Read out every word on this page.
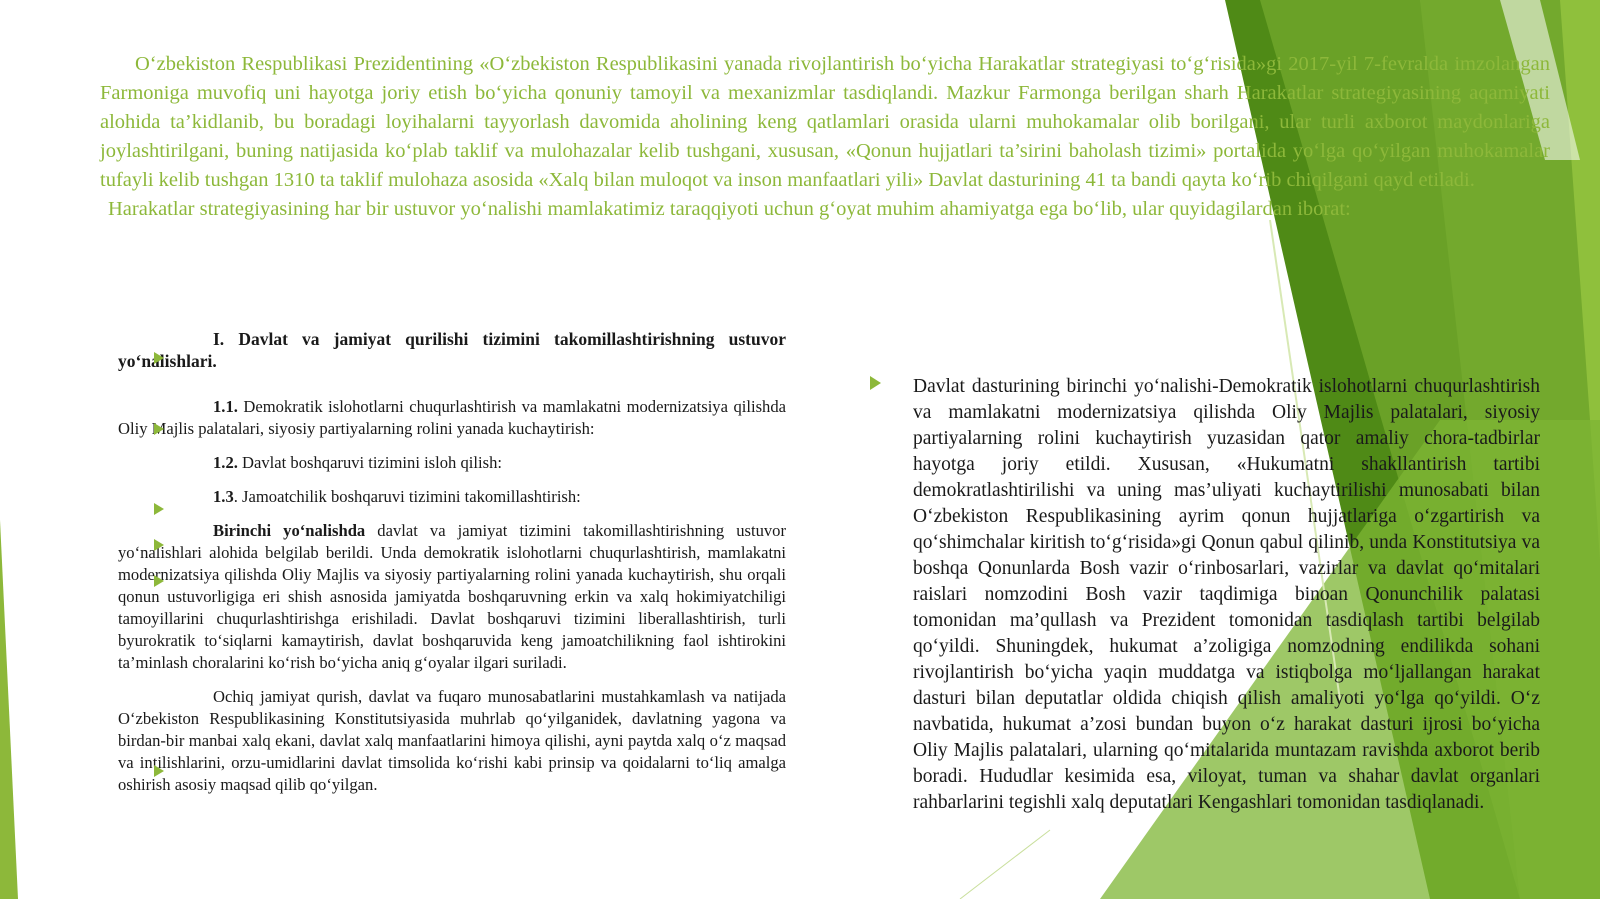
O‘zbekiston Respublikasi Prezidentining «O‘zbekiston Respublikasini yanada rivojlantirish bo‘yicha Harakatlar strategiyasi to‘g‘risida»gi 2017-yil 7-fevralda imzolangan Farmoniga muvofiq uni hayotga joriy etish bo‘yicha qonuniy tamoyil va mexanizmlar tasdiqlandi. Mazkur Farmonga berilgan sharh Harakatlar strategiyasining aqamiyati alohida ta’kidlanib, bu boradagi loyihalarni tayyorlash davomida aholining keng qatlamlari orasida ularni muhokamalar olib borilgani, ular turli axborot maydonlariga joylashtirilgani, buning natijasida ko‘plab taklif va mulohazalar kelib tushgani, xususan, «Qonun hujjatlari ta’sirini baholash tizimi» portalida yo‘lga qo‘yilgan muhokamalar tufayli kelib tushgan 1310 ta taklif mulohaza asosida «Xalq bilan muloqot va inson manfaatlari yili» Davlat dasturining 41 ta bandi qayta ko‘rib chiqilgani qayd etiladi.

Harakatlar strategiyasining har bir ustuvor yo‘nalishi mamlakatimiz taraqqiyoti uchun g‘oyat muhim ahamiyatga ega bo‘lib, ular quyidagilardan iborat:

I. Davlat va jamiyat qurilishi tizimini takomillashtirishning ustuvor yo‘nalishlari.

1.1. Demokratik islohotlarni chuqurlashtirish va mamlakatni modernizatsiya qilishda Oliy Majlis palatalari, siyosiy partiyalarning rolini yanada kuchaytirish:

1.2. Davlat boshqaruvi tizimini isloh qilish:

1.3. Jamoatchilik boshqaruvi tizimini takomillashtirish:

Birinchi yo‘nalishda davlat va jamiyat tizimini takomillashtirishning ustuvor yo‘nalishlari alohida belgilab berildi. Unda demokratik islohotlarni chuqurlashtirish, mamlakatni modernizatsiya qilishda Oliy Majlis va siyosiy partiyalarning rolini yanada kuchaytirish, shu orqali qonun ustuvorligiga eri shish asnosida jamiyatda boshqaruvning erkin va xalq hokimiyatchiligi tamoyillarini chuqurlashtirishga erishiladi. Davlat boshqaruvi tizimini liberallashtirish, turli byurokratik to‘siqlarni kamaytirish, davlat boshqaruvida keng jamoatchilikning faol ishtirokini ta’minlash choralarini ko‘rish bo‘yicha aniq g‘oyalar ilgari suriladi.

Ochiq jamiyat qurish, davlat va fuqaro munosabatlarini mustahkamlash va natijada O‘zbekiston Respublikasining Konstitutsiyasida muhrlab qo‘yilganidek, davlatning yagona va birdan-bir manbai xalq ekani, davlat xalq manfaatlarini himoya qilishi, ayni paytda xalq o‘z maqsad va intilishlarini, orzu-umidlarini davlat timsolida ko‘rishi kabi prinsip va qoidalarni to‘liq amalga oshirish asosiy maqsad qilib qo‘yilgan.

Davlat dasturining birinchi yo‘nalishi-Demokratik islohotlarni chuqurlashtirish va mamlakatni modernizatsiya qilishda Oliy Majlis palatalari, siyosiy partiyalarning rolini kuchaytirish yuzasidan qator amaliy chora-tadbirlar hayotga joriy etildi. Xususan, «Hukumatni shakllantirish tartibi demokratlashtirilishi va uning mas’uliyati kuchaytirilishi munosabati bilan O‘zbekiston Respublikasining ayrim qonun hujjatlariga o‘zgartirish va qo‘shimchalar kiritish to‘g‘risida»gi Qonun qabul qilinib, unda Konstitutsiya va boshqa Qonunlarda Bosh vazir o‘rinbosarlari, vazirlar va davlat qo‘mitalari raislari nomzodini Bosh vazir taqdimiga binoan Qonunchilik palatasi tomonidan ma’qullash va Prezident tomonidan tasdiqlash tartibi belgilab qo‘yildi. Shuningdek, hukumat a’zoligiga nomzodning endilikda sohani rivojlantirish bo‘yicha yaqin muddatga va istiqbolga mo‘ljallangan harakat dasturi bilan deputatlar oldida chiqish qilish amaliyoti yo‘lga qo‘yildi. O‘z navbatida, hukumat a’zosi bundan buyon o‘z harakat dasturi ijrosi bo‘yicha Oliy Majlis palatalari, ularning qo‘mitalarida muntazam ravishda axborot berib boradi. Hududlar kesimida esa, viloyat, tuman va shahar davlat organlari rahbarlarini tegishli xalq deputatlari Kengashlari tomonidan tasdiqlanadi.
